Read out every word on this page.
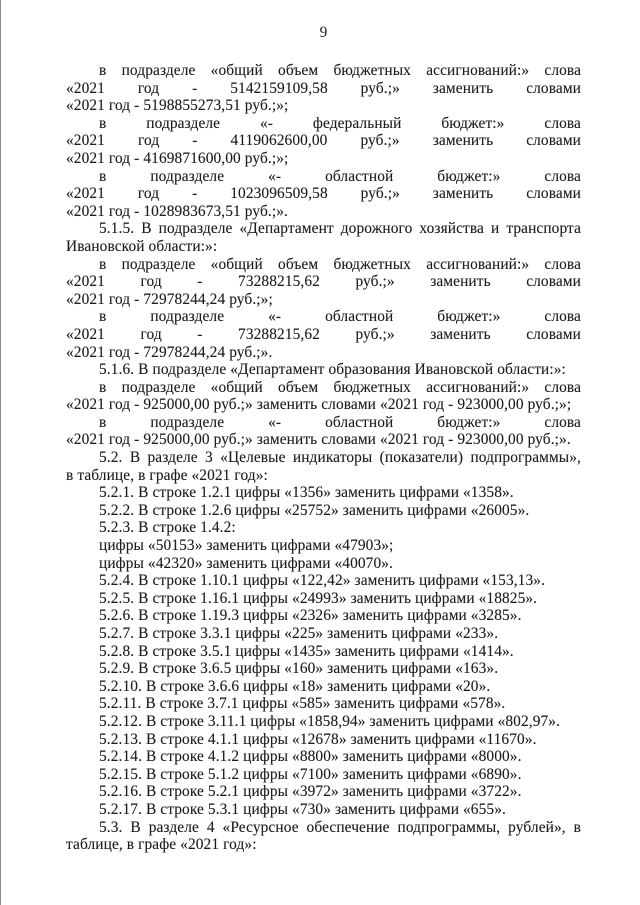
9
в подразделе «общий объем бюджетных ассигнований:» слова
«2021 год - 5142159109,58 руб.;» заменить словами
«2021 год - 5198855273,51 руб.;»;
в подразделе «- федеральный бюджет:» слова
«2021 год - 4119062600,00 руб.;» заменить словами
«2021 год - 4169871600,00 руб.;»;
в подразделе «- областной бюджет:» слова
«2021 год - 1023096509,58 руб.;» заменить словами
«2021 год - 1028983673,51 руб.;».
5.1.5. В подразделе «Департамент дорожного хозяйства и транспорта
Ивановской области:»:
в подразделе «общий объем бюджетных ассигнований:» слова
«2021 год - 73288215,62 руб.;» заменить словами
«2021 год - 72978244,24 руб.;»;
в подразделе «- областной бюджет:» слова
«2021 год - 73288215,62 руб.;» заменить словами
«2021 год - 72978244,24 руб.;».
5.1.6. В подразделе «Департамент образования Ивановской области:»:
в подразделе «общий объем бюджетных ассигнований:» слова
«2021 год - 925000,00 руб.;» заменить словами «2021 год - 923000,00 руб.;»;
в подразделе «- областной бюджет:» слова
«2021 год - 925000,00 руб.;» заменить словами «2021 год - 923000,00 руб.;».
5.2. В разделе 3 «Целевые индикаторы (показатели) подпрограммы»,
в таблице, в графе «2021 год»:
5.2.1. В строке 1.2.1 цифры «1356» заменить цифрами «1358».
5.2.2. В строке 1.2.6 цифры «25752» заменить цифрами «26005».
5.2.3. В строке 1.4.2:
цифры «50153» заменить цифрами «47903»;
цифры «42320» заменить цифрами «40070».
5.2.4. В строке 1.10.1 цифры «122,42» заменить цифрами «153,13».
5.2.5. В строке 1.16.1 цифры «24993» заменить цифрами «18825».
5.2.6. В строке 1.19.3 цифры «2326» заменить цифрами «3285».
5.2.7. В строке 3.3.1 цифры «225» заменить цифрами «233».
5.2.8. В строке 3.5.1 цифры «1435» заменить цифрами «1414».
5.2.9. В строке 3.6.5 цифры «160» заменить цифрами «163».
5.2.10. В строке 3.6.6 цифры «18» заменить цифрами «20».
5.2.11. В строке 3.7.1 цифры «585» заменить цифрами «578».
5.2.12. В строке 3.11.1 цифры «1858,94» заменить цифрами «802,97».
5.2.13. В строке 4.1.1 цифры «12678» заменить цифрами «11670».
5.2.14. В строке 4.1.2 цифры «8800» заменить цифрами «8000».
5.2.15. В строке 5.1.2 цифры «7100» заменить цифрами «6890».
5.2.16. В строке 5.2.1 цифры «3972» заменить цифрами «3722».
5.2.17. В строке 5.3.1 цифры «730» заменить цифрами «655».
5.3. В разделе 4 «Ресурсное обеспечение подпрограммы, рублей», в
таблице, в графе «2021 год»:
